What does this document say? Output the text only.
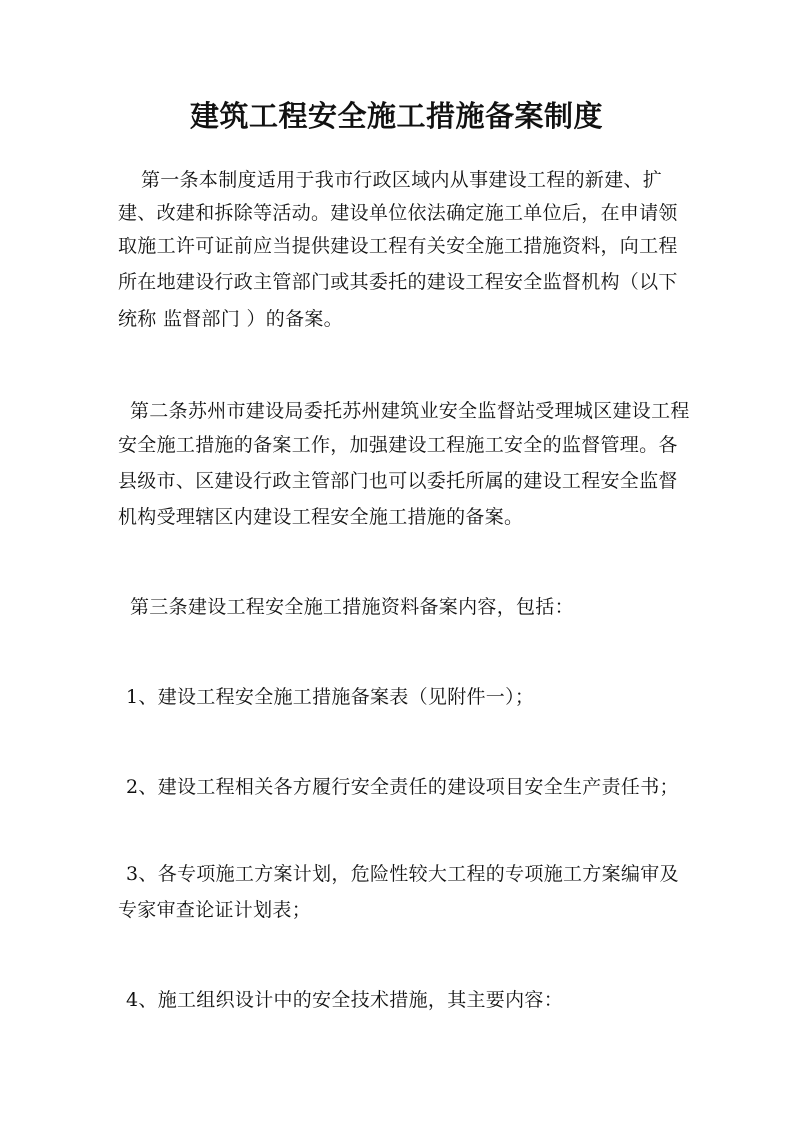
建筑工程安全施工措施备案制度
第一条本制度适用于我市行政区域内从事建设工程的新建、扩
建、改建和拆除等活动。建设单位依法确定施工单位后，在申请领
取施工许可证前应当提供建设工程有关安全施工措施资料，向工程
所在地建设行政主管部门或其委托的建设工程安全监督机构（以下
统称 监督部门 ）的备案。
第二条苏州市建设局委托苏州建筑业安全监督站受理城区建设工程
安全施工措施的备案工作，加强建设工程施工安全的监督管理。各
县级市、区建设行政主管部门也可以委托所属的建设工程安全监督
机构受理辖区内建设工程安全施工措施的备案。
第三条建设工程安全施工措施资料备案内容，包括：
1、建设工程安全施工措施备案表（见附件一）；
2、建设工程相关各方履行安全责任的建设项目安全生产责任书；
3、各专项施工方案计划，危险性较大工程的专项施工方案编审及
专家审查论证计划表；
4、施工组织设计中的安全技术措施，其主要内容：
